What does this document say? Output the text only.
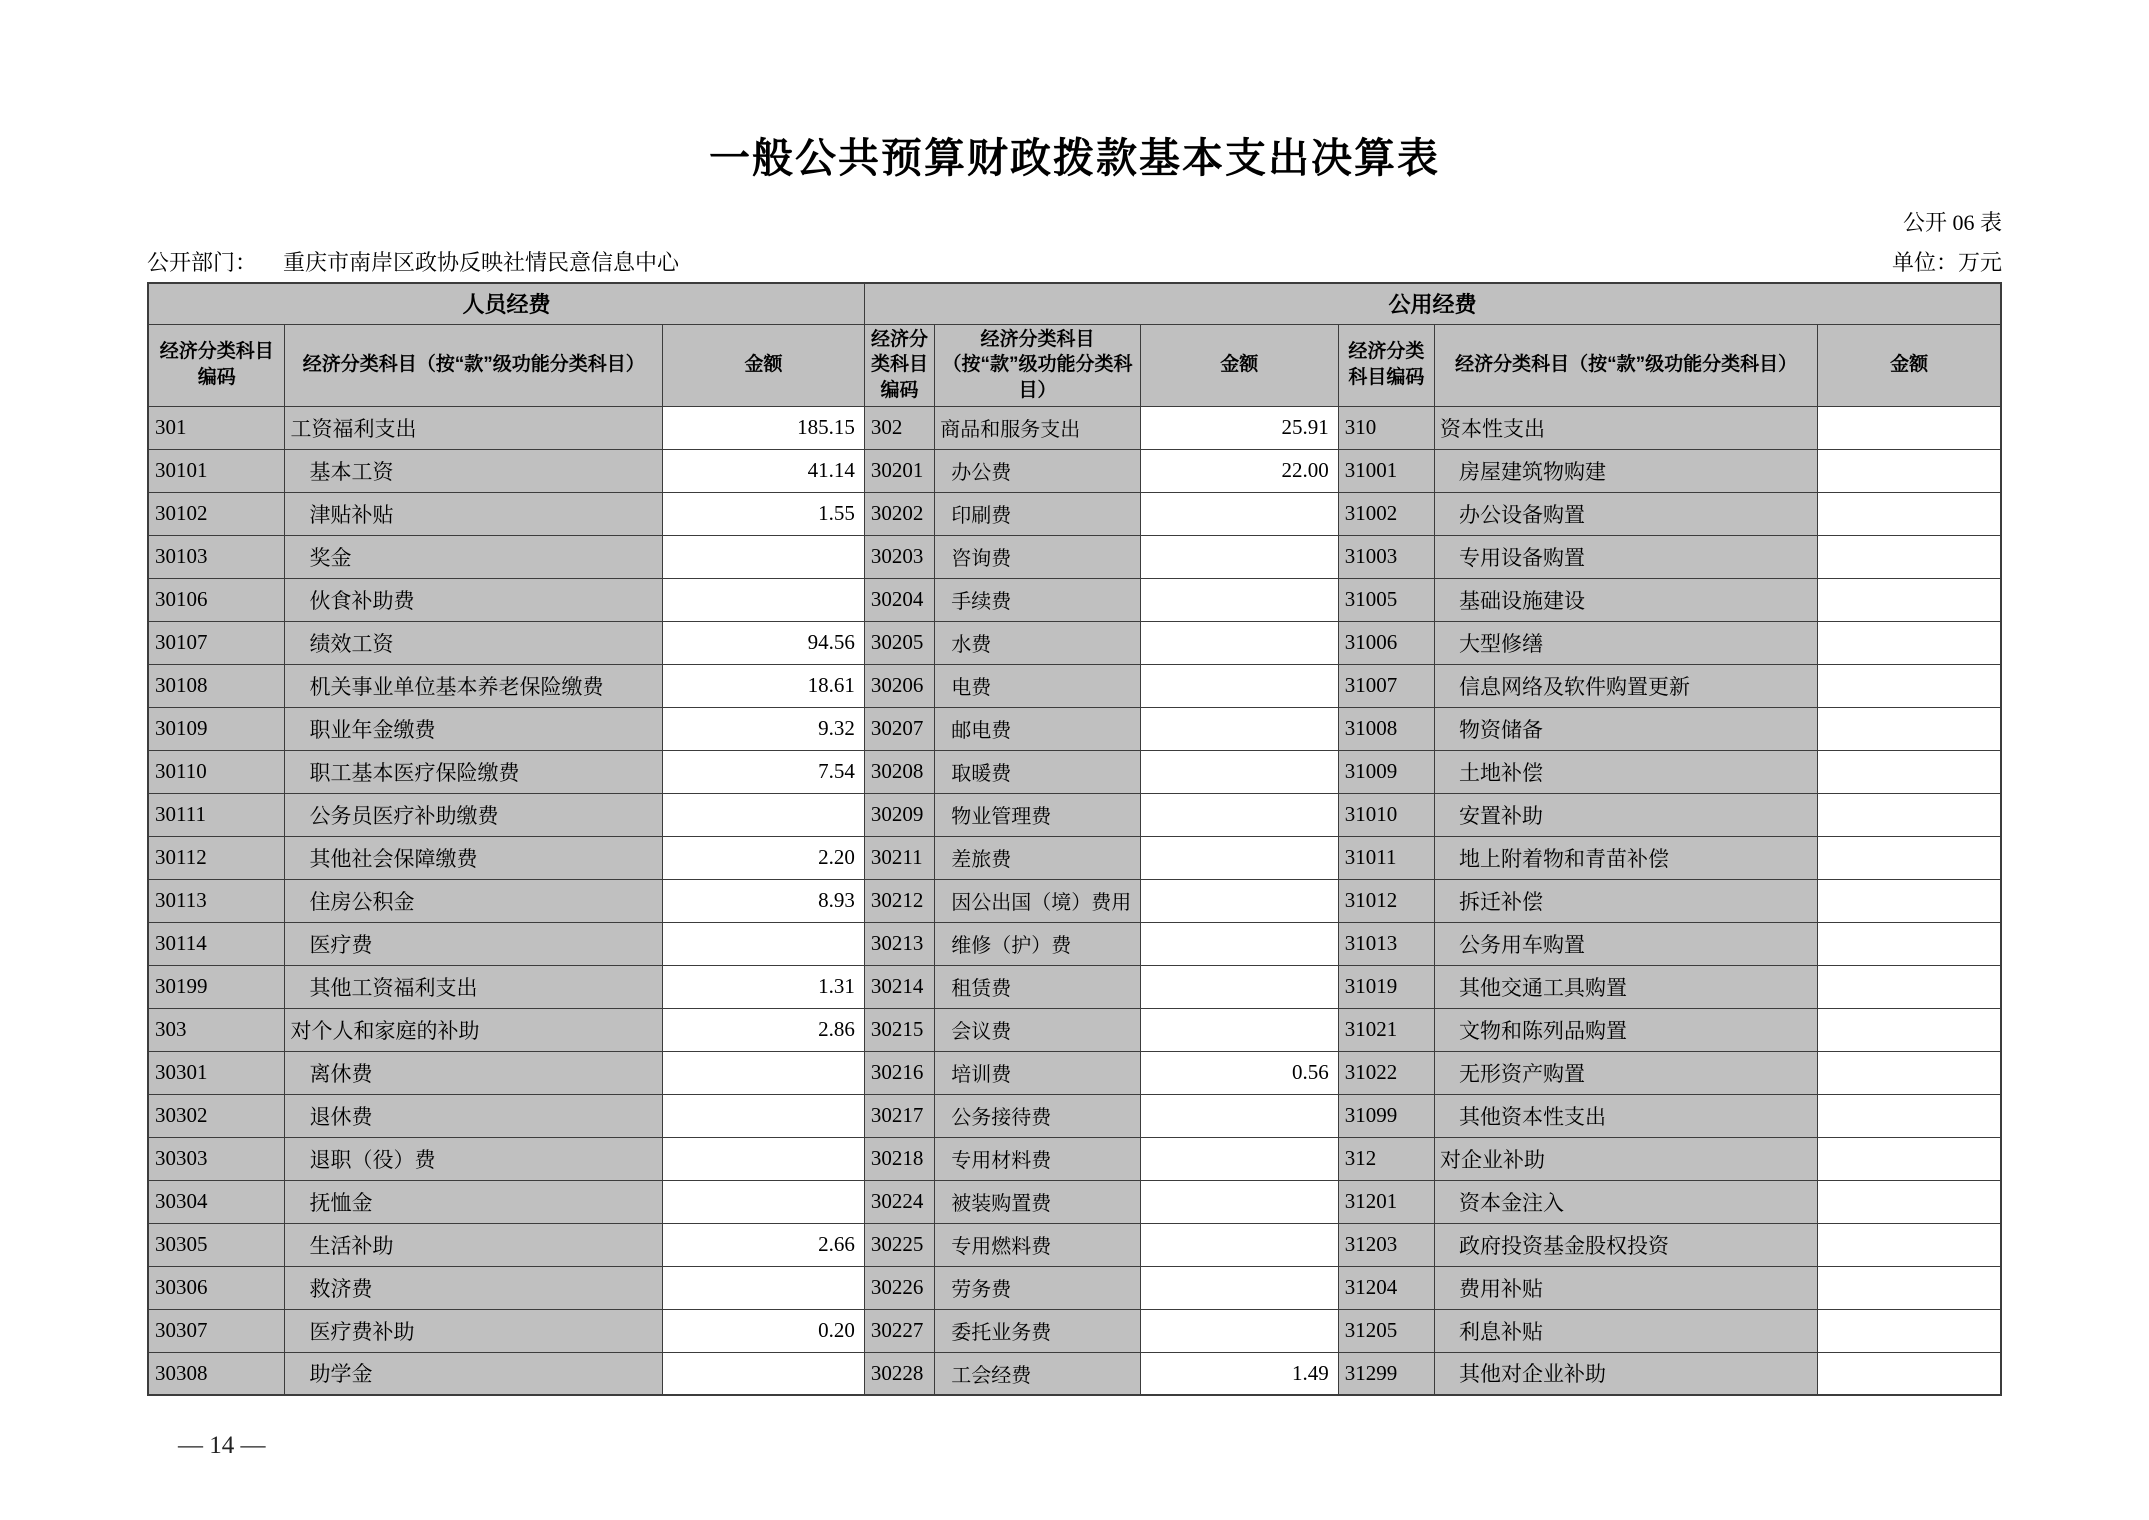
一般公共预算财政拨款基本支出决算表
公开 06 表
公开部门： 重庆市南岸区政协反映社情民意信息中心	单位：万元
人员经费			公用经费					
经济分类科目编码	经济分类科目（按“款”级功能分类科目）	金额	经济分类科目编码	经济分类科目（按“款”级功能分类科目）	金额	经济分类科目编码	经济分类科目（按“款”级功能分类科目）	金额
301	工资福利支出	185.15	302	商品和服务支出	25.91	310	资本性支出	
30101	基本工资	41.14	30201	办公费	22.00	31001	房屋建筑物购建	
30102	津贴补贴	1.55	30202	印刷费		31002	办公设备购置	
30103	奖金		30203	咨询费		31003	专用设备购置	
30106	伙食补助费		30204	手续费		31005	基础设施建设	
30107	绩效工资	94.56	30205	水费		31006	大型修缮	
30108	机关事业单位基本养老保险缴费	18.61	30206	电费		31007	信息网络及软件购置更新	
30109	职业年金缴费	9.32	30207	邮电费		31008	物资储备	
30110	职工基本医疗保险缴费	7.54	30208	取暖费		31009	土地补偿	
30111	公务员医疗补助缴费		30209	物业管理费		31010	安置补助	
30112	其他社会保障缴费	2.20	30211	差旅费		31011	地上附着物和青苗补偿	
30113	住房公积金	8.93	30212	因公出国（境）费用		31012	拆迁补偿	
30114	医疗费		30213	维修（护）费		31013	公务用车购置	
30199	其他工资福利支出	1.31	30214	租赁费		31019	其他交通工具购置	
303	对个人和家庭的补助	2.86	30215	会议费		31021	文物和陈列品购置	
30301	离休费		30216	培训费	0.56	31022	无形资产购置	
30302	退休费		30217	公务接待费		31099	其他资本性支出	
30303	退职（役）费		30218	专用材料费		312	对企业补助	
30304	抚恤金		30224	被装购置费		31201	资本金注入	
30305	生活补助	2.66	30225	专用燃料费		31203	政府投资基金股权投资	
30306	救济费		30226	劳务费		31204	费用补贴	
30307	医疗费补助	0.20	30227	委托业务费		31205	利息补贴	
30308	助学金		30228	工会经费	1.49	31299	其他对企业补助	
— 14 —
